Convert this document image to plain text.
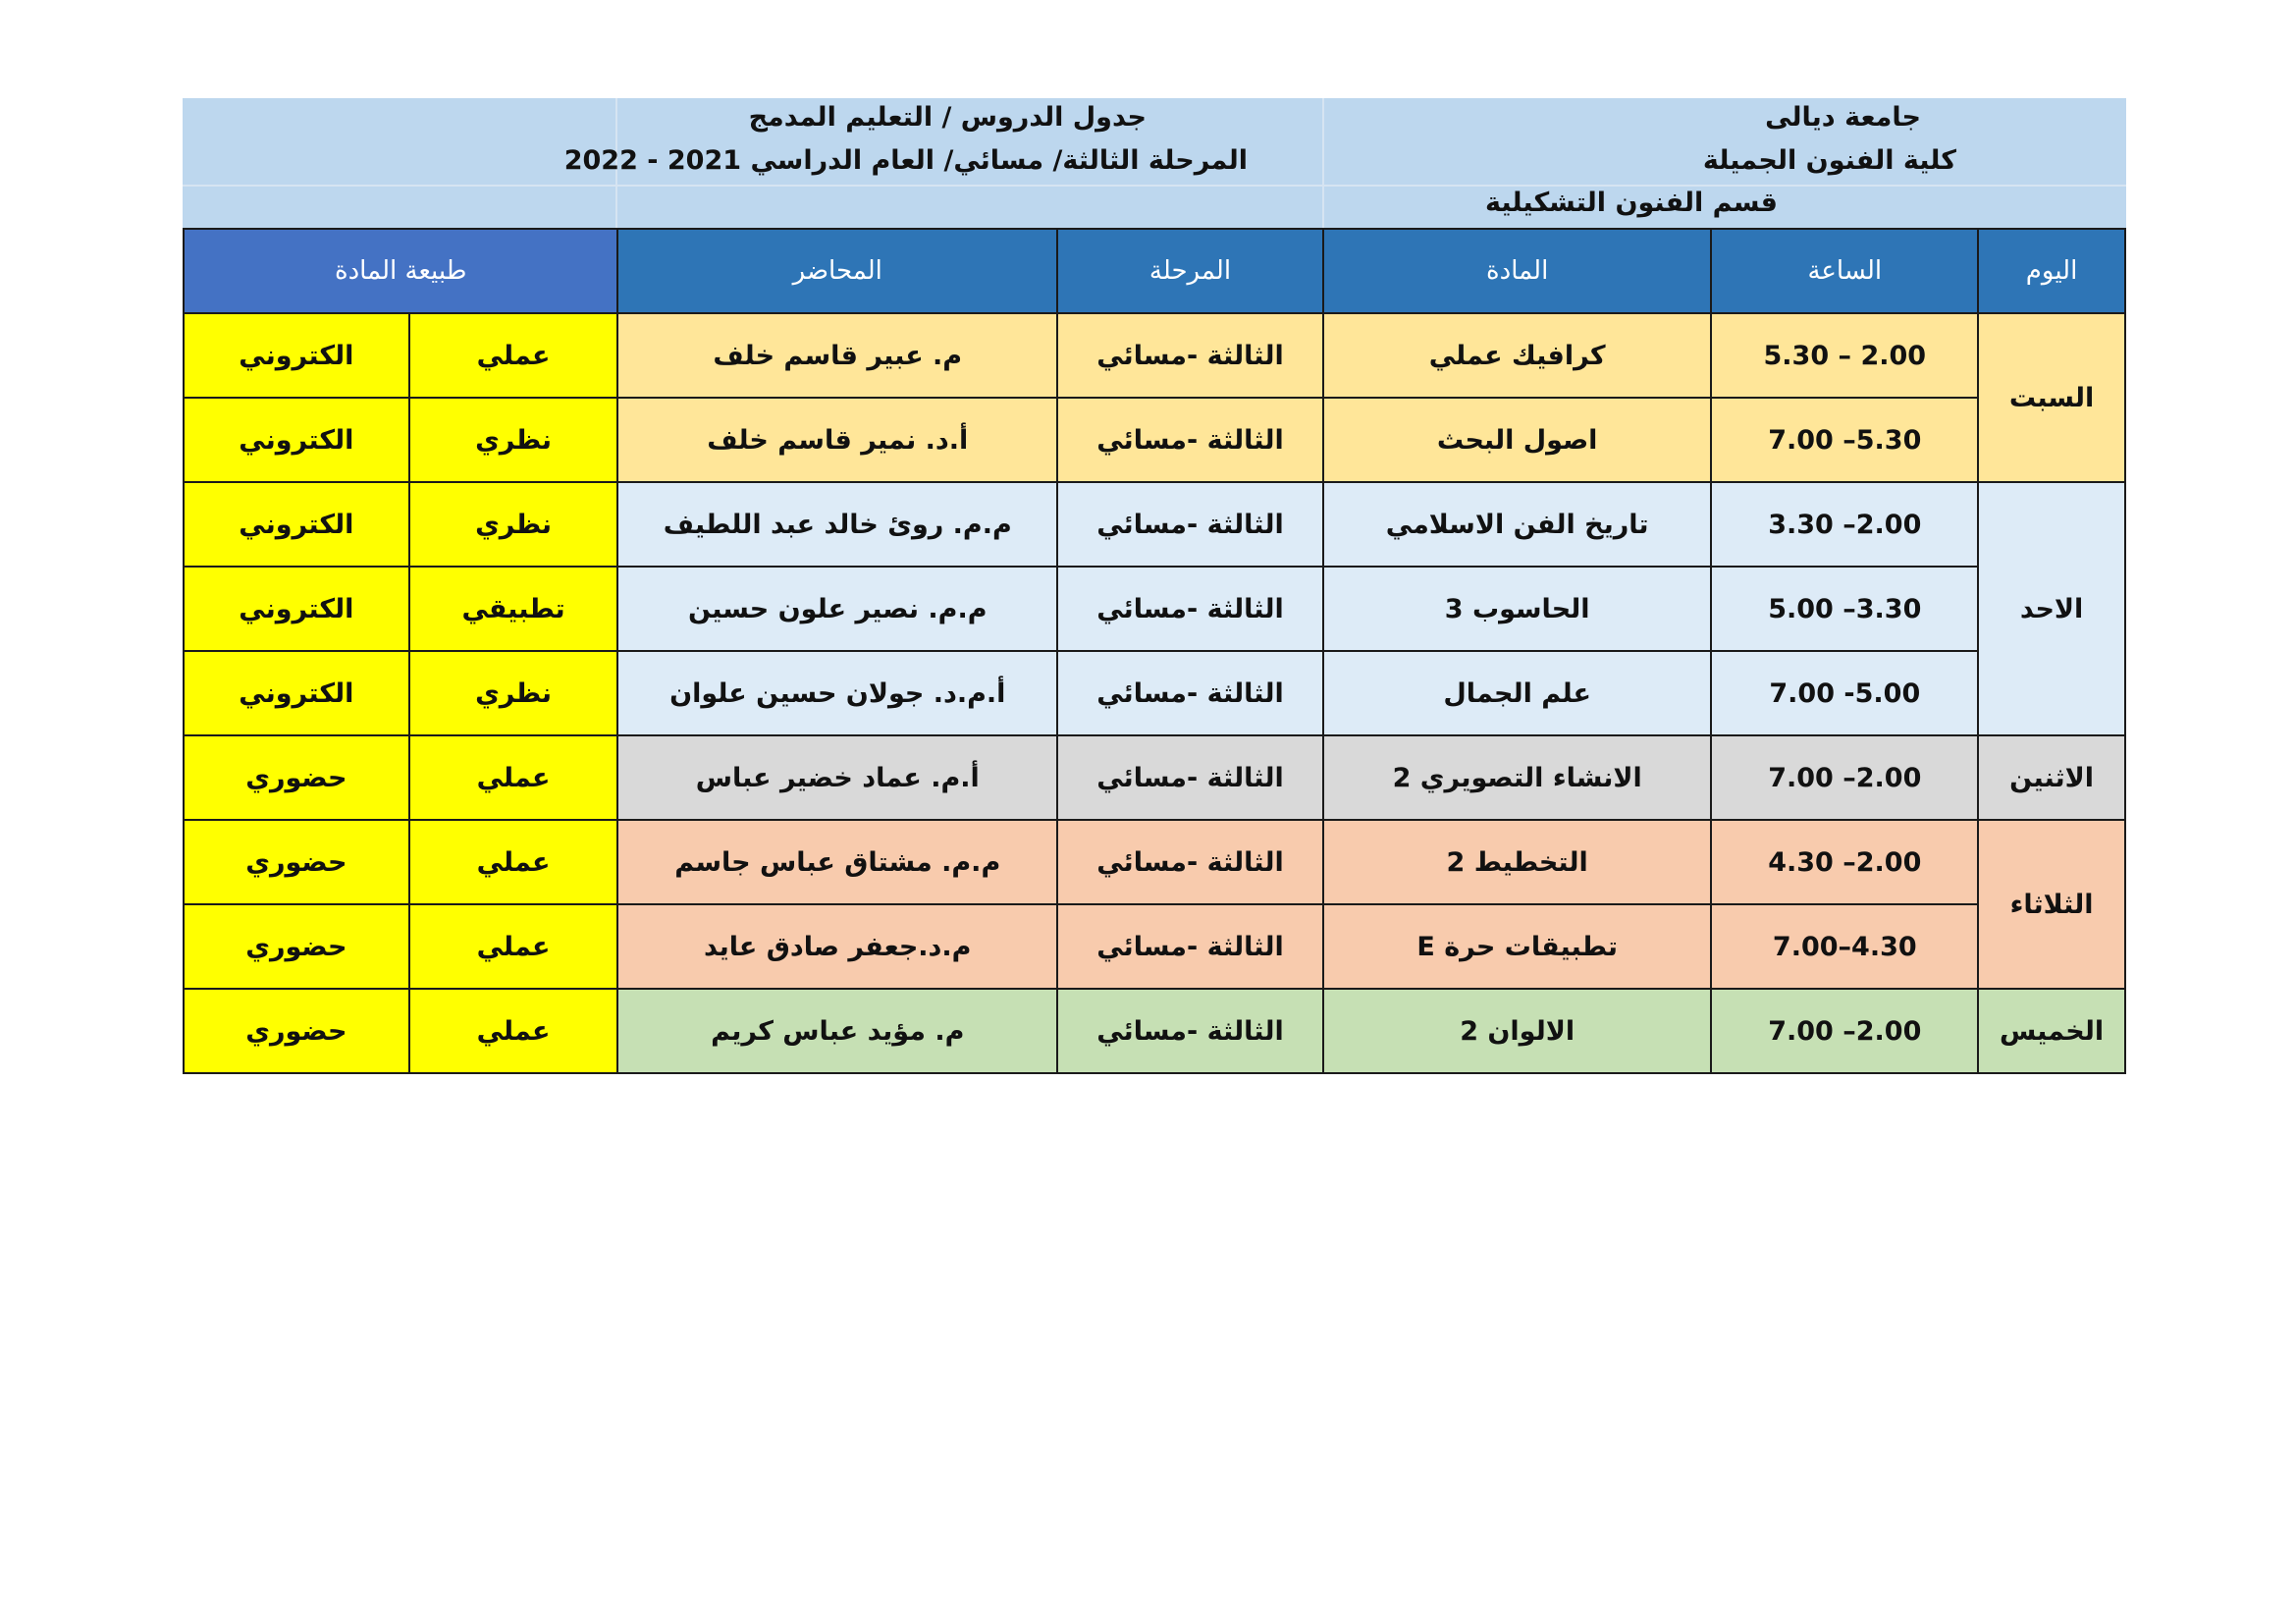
جامعة ديالى
كلية الفنون الجميلة
قسم الفنون التشكيلية
جدول الدروس / التعليم المدمج
المرحلة الثالثة/ مسائي/ العام الدراسي 2021 - 2022
اليوم	الساعة	المادة	المرحلة	المحاضر	طبيعة المادة	
السبت	2.00 – 5.30	كرافيك عملي	الثالثة -مسائي	م. عبير قاسم خلف	عملي	الكتروني
	5.30– 7.00	اصول البحث	الثالثة -مسائي	أ.د. نمير قاسم خلف	نظري	الكتروني
الاحد	2.00– 3.30	تاريخ الفن الاسلامي	الثالثة -مسائي	م.م. روئ خالد عبد اللطيف	نظري	الكتروني
	3.30– 5.00	الحاسوب 3	الثالثة -مسائي	م.م. نصير علون حسين	تطبيقي	الكتروني
	5.00- 7.00	علم الجمال	الثالثة -مسائي	أ.م.د. جولان حسين علوان	نظري	الكتروني
الاثنين	2.00– 7.00	الانشاء التصويري 2	الثالثة -مسائي	أ.م. عماد خضير عباس	عملي	حضوري
الثلاثاء	2.00– 4.30	التخطيط 2	الثالثة -مسائي	م.م. مشتاق عباس جاسم	عملي	حضوري
	4.30–7.00	تطبيقات حرة E	الثالثة -مسائي	م.د.جعفر صادق عايد	عملي	حضوري
الخميس	2.00– 7.00	الالوان 2	الثالثة -مسائي	م. مؤيد عباس كريم	عملي	حضوري
